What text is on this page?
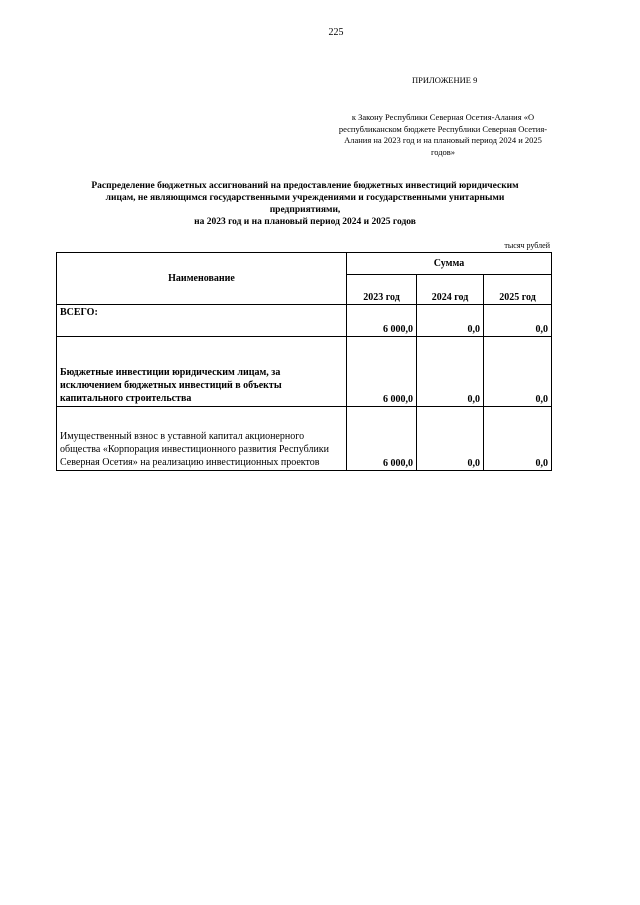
225
ПРИЛОЖЕНИЕ 9
к Закону Республики Северная Осетия-Алания «О республиканском бюджете Республики Северная Осетия-Алания на 2023 год и на плановый период 2024 и 2025 годов»
Распределение бюджетных ассигнований на предоставление бюджетных инвестиций юридическим
лицам, не являющимся государственными учреждениями и государственными унитарными
предприятиями,
на 2023 год и на плановый период 2024 и 2025 годов
тысяч рублей
Наименование	Сумма		
	2023 год	2024 год	2025 год
ВСЕГО:	6 000,0	0,0	0,0
Бюджетные инвестиции юридическим лицам, за исключением бюджетных инвестиций в объекты капитального строительства	6 000,0	0,0	0,0
Имущественный взнос в уставной капитал акционерного общества «Корпорация инвестиционного развития Республики Северная Осетия» на реализацию инвестиционных проектов	6 000,0	0,0	0,0
